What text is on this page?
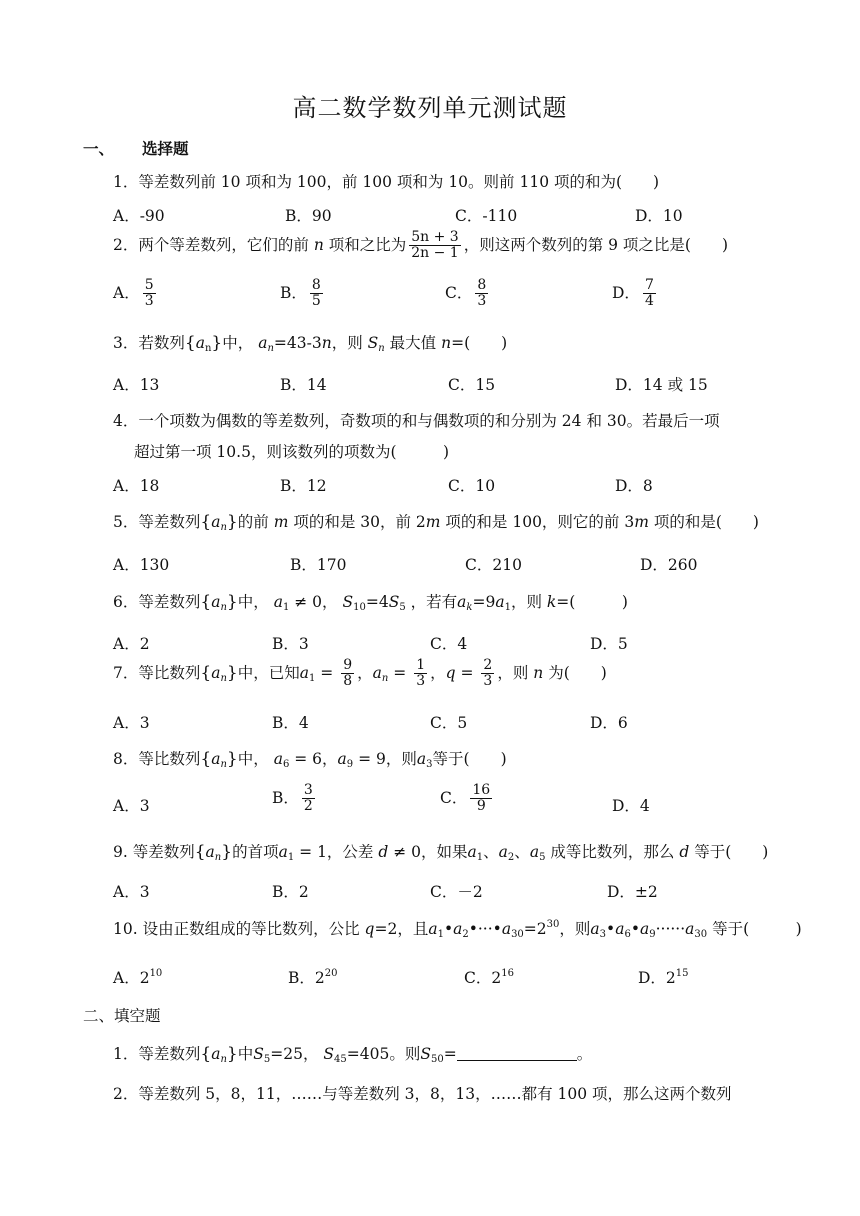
高二数学数列单元测试题
一、 选择题
1．等差数列前 10 项和为 100，前 100 项和为 10。则前 110 项的和为(　　)
A．-90	B．90	C．-110	D．10
2．两个等差数列，它们的前 n 项和之比为 $\frac{5n + 3}{2n - 1}$ ，则这两个数列的第 9 项之比是(　　)
A． $\frac{5}{3}$	B． $\frac{8}{5}$	C． $\frac{8}{3}$	D． $\frac{7}{4}$
3．若数列$\{a_n\}$中， $a_n=43-3n$，则 $S_n$ 最大值 n=(　　)
A．13	B．14	C．15	D．14 或 15
4．一个项数为偶数的等差数列，奇数项的和与偶数项的和分别为 24 和 30。若最后一项
超过第一项 10.5，则该数列的项数为(　　　)
A．18	B．12	C．10	D．8
5．等差数列$\{a_n\}$的前 m 项的和是 30，前 2m 项的和是 100，则它的前 3m 项的和是(　　)
A．130	B．170	C．210	D．260
6．等差数列$\{a_n\}$中， $a_1 \ne 0$， $S_{10}=4S_5$ ，若有$a_k=9a_1$，则 k=(　　　)
A．2	B．3	C．4	D．5
7．等比数列$\{a_n\}$中，已知$a_1 = \frac{9}{8}$ ，$a_n = \frac{1}{3}$ ，$q = \frac{2}{3}$ ，则 n 为(　　)
A．3	B．4	C．5	D．6
8．等比数列$\{a_n\}$中， $a_6 = 6$，$a_9 = 9$，则$a_3$等于(　　)
A．3	B． $\frac{3}{2}$	C． $\frac{16}{9}$	D．4
9. 等差数列$\{a_n\}$的首项$a_1 = 1$，公差 d ≠ 0，如果$a_1$、$a_2$、$a_5$ 成等比数列，那么 d 等于(　　)
A．3	B．2	C．－2	D．±2
10. 设由正数组成的等比数列，公比 q=2，且$a_1•a_2•\cdot\cdot\cdot•a_{30}=2^{30}$，则$a_3•a_6•a_9\cdot\cdot\cdot\cdot\cdot\cdot a_{30}$ 等于(　　　)
A．$2^{10}$	B．$2^{20}$	C．$2^{16}$	D．$2^{15}$
二、填空题
1．等差数列$\{a_n\}$中$S_5=25$， $S_{45}=405$。则$S_{50}=$	。
2．等差数列 5，8，11，……与等差数列 3，8，13，……都有 100 项，那么这两个数列
